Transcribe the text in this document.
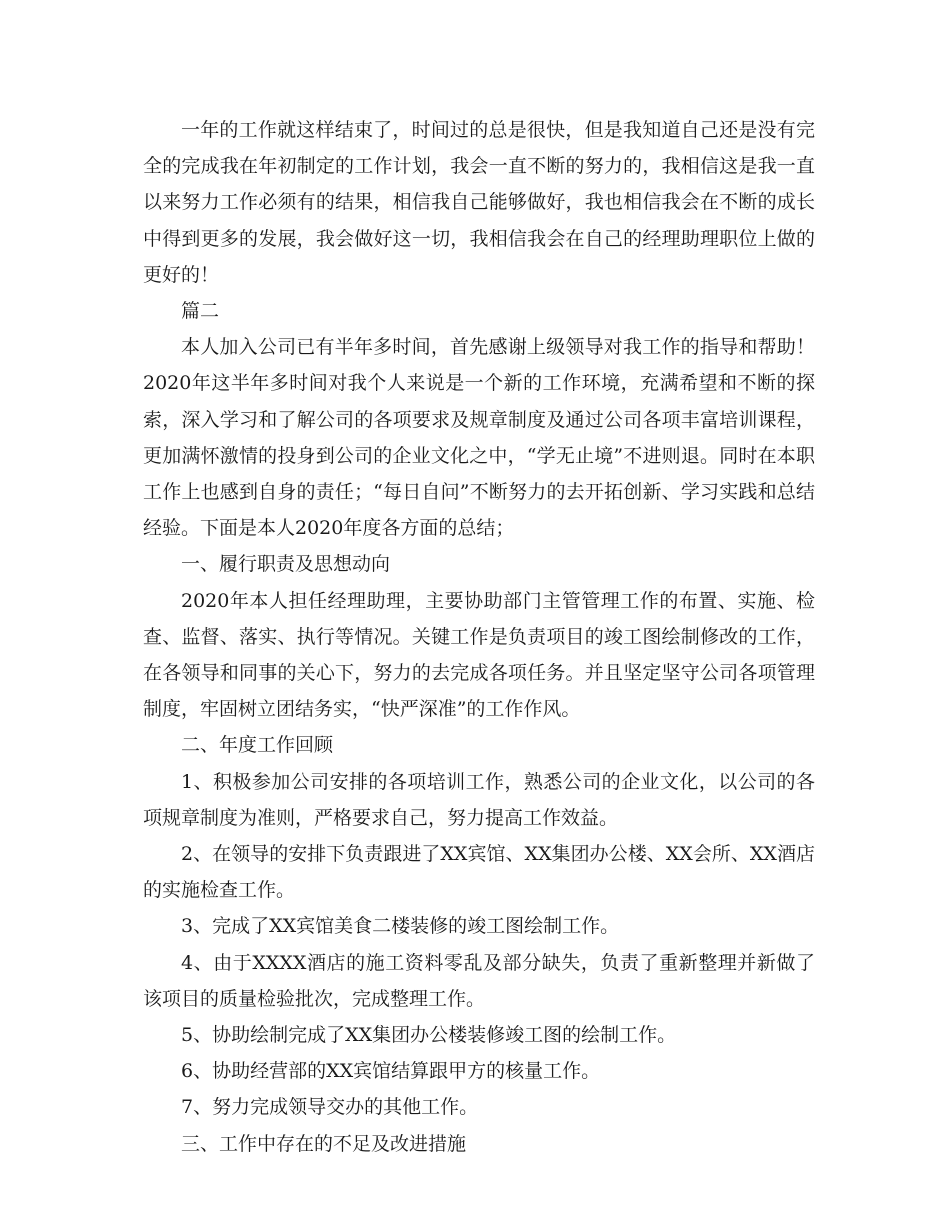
一年的工作就这样结束了，时间过的总是很快，但是我知道自己还是没有完全的完成我在年初制定的工作计划，我会一直不断的努力的，我相信这是我一直以来努力工作必须有的结果，相信我自己能够做好，我也相信我会在不断的成长中得到更多的发展，我会做好这一切，我相信我会在自己的经理助理职位上做的更好的！

篇二

本人加入公司已有半年多时间，首先感谢上级领导对我工作的指导和帮助！2020年这半年多时间对我个人来说是一个新的工作环境，充满希望和不断的探索，深入学习和了解公司的各项要求及规章制度及通过公司各项丰富培训课程，更加满怀激情的投身到公司的企业文化之中，“学无止境”不进则退。同时在本职工作上也感到自身的责任；“每日自问”不断努力的去开拓创新、学习实践和总结经验。下面是本人2020年度各方面的总结；

一、履行职责及思想动向

2020年本人担任经理助理，主要协助部门主管管理工作的布置、实施、检查、监督、落实、执行等情况。关键工作是负责项目的竣工图绘制修改的工作，在各领导和同事的关心下，努力的去完成各项任务。并且坚定坚守公司各项管理制度，牢固树立团结务实，“快严深准”的工作作风。

二、年度工作回顾

1、积极参加公司安排的各项培训工作，熟悉公司的企业文化，以公司的各项规章制度为准则，严格要求自己，努力提高工作效益。

2、在领导的安排下负责跟进了XX宾馆、XX集团办公楼、XX会所、XX酒店的实施检查工作。

3、完成了XX宾馆美食二楼装修的竣工图绘制工作。

4、由于XXXX酒店的施工资料零乱及部分缺失，负责了重新整理并新做了该项目的质量检验批次，完成整理工作。

5、协助绘制完成了XX集团办公楼装修竣工图的绘制工作。

6、协助经营部的XX宾馆结算跟甲方的核量工作。

7、努力完成领导交办的其他工作。

三、工作中存在的不足及改进措施
